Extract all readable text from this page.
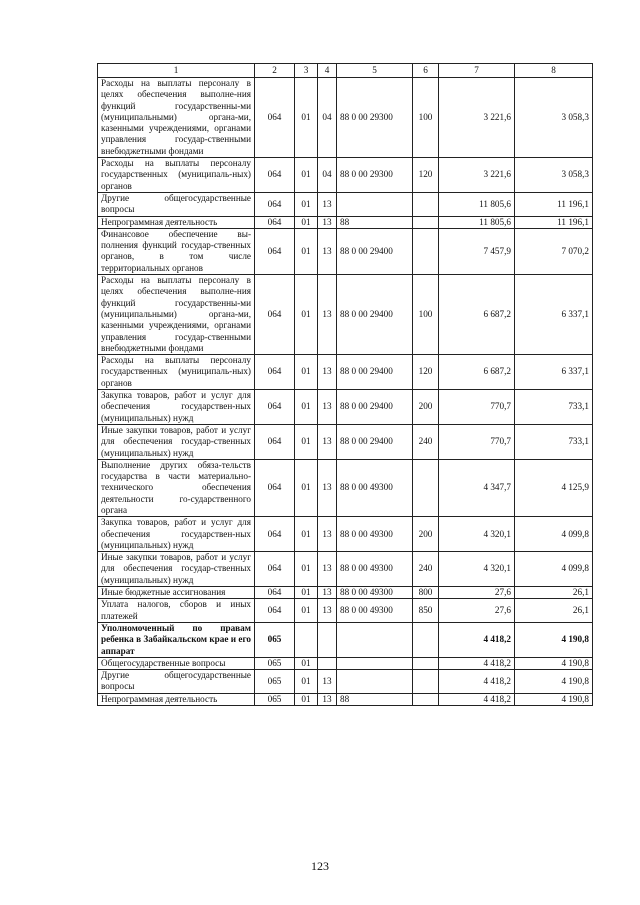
1	2	3	4	5	6	7	8
Расходы на выплаты персоналу в целях обеспечения выполне-ния функций государственны-ми (муниципальными) органа-ми, казенными учреждениями, органами управления государ-ственными внебюджетными фондами	064	01	04	88 0 00 29300	100	3 221,6	3 058,3
Расходы на выплаты персоналу государственных (муниципаль-ных) органов	064	01	04	88 0 00 29300	120	3 221,6	3 058,3
Другие общегосударственные вопросы	064	01	13			11 805,6	11 196,1
Непрограммная деятельность	064	01	13	88		11 805,6	11 196,1
Финансовое обеспечение вы-полнения функций государ-ственных органов, в том числе территориальных органов	064	01	13	88 0 00 29400		7 457,9	7 070,2
Расходы на выплаты персоналу в целях обеспечения выполне-ния функций государственны-ми (муниципальными) органа-ми, казенными учреждениями, органами управления государ-ственными внебюджетными фондами	064	01	13	88 0 00 29400	100	6 687,2	6 337,1
Расходы на выплаты персоналу государственных (муниципаль-ных) органов	064	01	13	88 0 00 29400	120	6 687,2	6 337,1
Закупка товаров, работ и услуг для обеспечения государствен-ных (муниципальных) нужд	064	01	13	88 0 00 29400	200	770,7	733,1
Иные закупки товаров, работ и услуг для обеспечения государ-ственных (муниципальных) нужд	064	01	13	88 0 00 29400	240	770,7	733,1
Выполнение других обяза-тельств государства в части материально-технического обеспечения деятельности го-сударственного органа	064	01	13	88 0 00 49300		4 347,7	4 125,9
Закупка товаров, работ и услуг для обеспечения государствен-ных (муниципальных) нужд	064	01	13	88 0 00 49300	200	4 320,1	4 099,8
Иные закупки товаров, работ и услуг для обеспечения государ-ственных (муниципальных) нужд	064	01	13	88 0 00 49300	240	4 320,1	4 099,8
Иные бюджетные ассигнования	064	01	13	88 0 00 49300	800	27,6	26,1
Уплата налогов, сборов и иных платежей	064	01	13	88 0 00 49300	850	27,6	26,1
Уполномоченный по правам ребенка в Забайкальском крае и его аппарат	065					4 418,2	4 190,8
Общегосударственные вопросы	065	01				4 418,2	4 190,8
Другие общегосударственные вопросы	065	01	13			4 418,2	4 190,8
Непрограммная деятельность	065	01	13	88		4 418,2	4 190,8
123
